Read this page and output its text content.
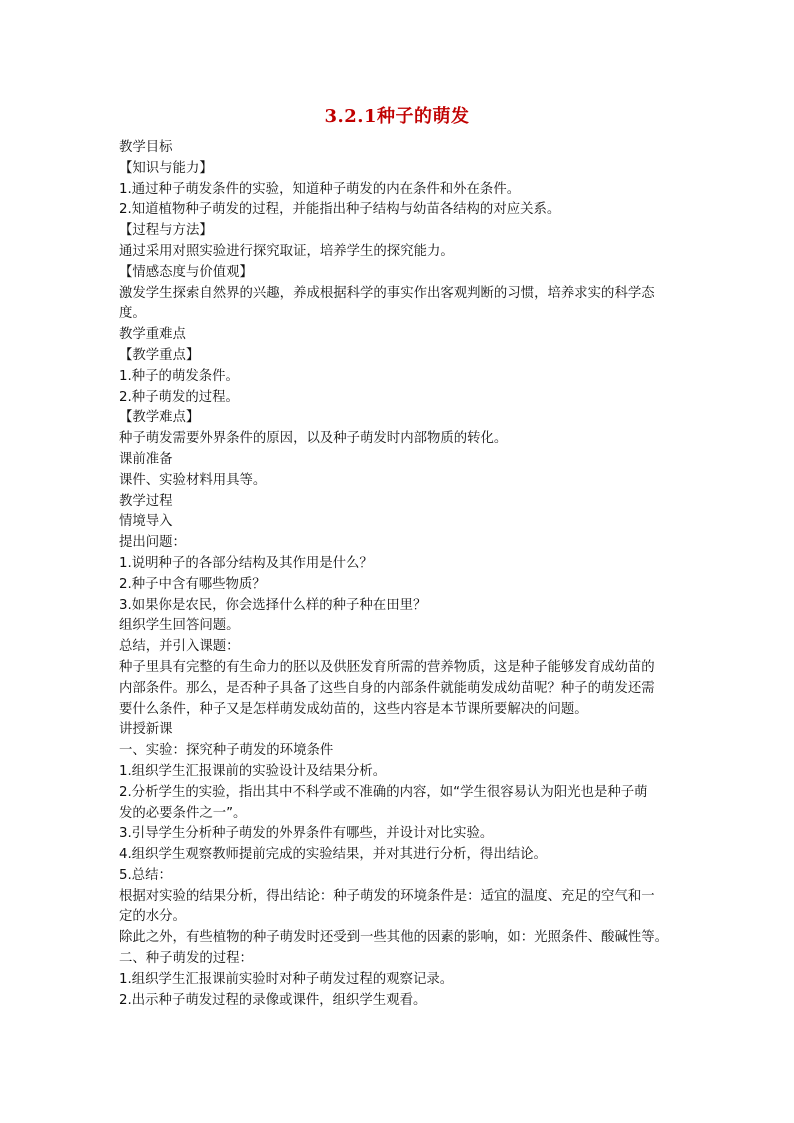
3.2.1种子的萌发
教学目标
【知识与能力】
1.通过种子萌发条件的实验，知道种子萌发的内在条件和外在条件。
2.知道植物种子萌发的过程，并能指出种子结构与幼苗各结构的对应关系。
【过程与方法】
通过采用对照实验进行探究取证，培养学生的探究能力。
【情感态度与价值观】
激发学生探索自然界的兴趣，养成根据科学的事实作出客观判断的习惯，培养求实的科学态
度。
教学重难点
【教学重点】
1.种子的萌发条件。
2.种子萌发的过程。
【教学难点】
种子萌发需要外界条件的原因，以及种子萌发时内部物质的转化。
课前准备
课件、实验材料用具等。
教学过程
情境导入
提出问题：
1.说明种子的各部分结构及其作用是什么？
2.种子中含有哪些物质？
3.如果你是农民，你会选择什么样的种子种在田里？
组织学生回答问题。
总结，并引入课题：
种子里具有完整的有生命力的胚以及供胚发育所需的营养物质，这是种子能够发育成幼苗的
内部条件。那么，是否种子具备了这些自身的内部条件就能萌发成幼苗呢？种子的萌发还需
要什么条件，种子又是怎样萌发成幼苗的，这些内容是本节课所要解决的问题。
讲授新课
一、实验：探究种子萌发的环境条件
1.组织学生汇报课前的实验设计及结果分析。
2.分析学生的实验，指出其中不科学或不准确的内容，如“学生很容易认为阳光也是种子萌
发的必要条件之一”。
3.引导学生分析种子萌发的外界条件有哪些，并设计对比实验。
4.组织学生观察教师提前完成的实验结果，并对其进行分析，得出结论。
5.总结：
根据对实验的结果分析，得出结论：种子萌发的环境条件是：适宜的温度、充足的空气和一
定的水分。
除此之外，有些植物的种子萌发时还受到一些其他的因素的影响，如：光照条件、酸碱性等。
二、种子萌发的过程：
1.组织学生汇报课前实验时对种子萌发过程的观察记录。
2.出示种子萌发过程的录像或课件，组织学生观看。
